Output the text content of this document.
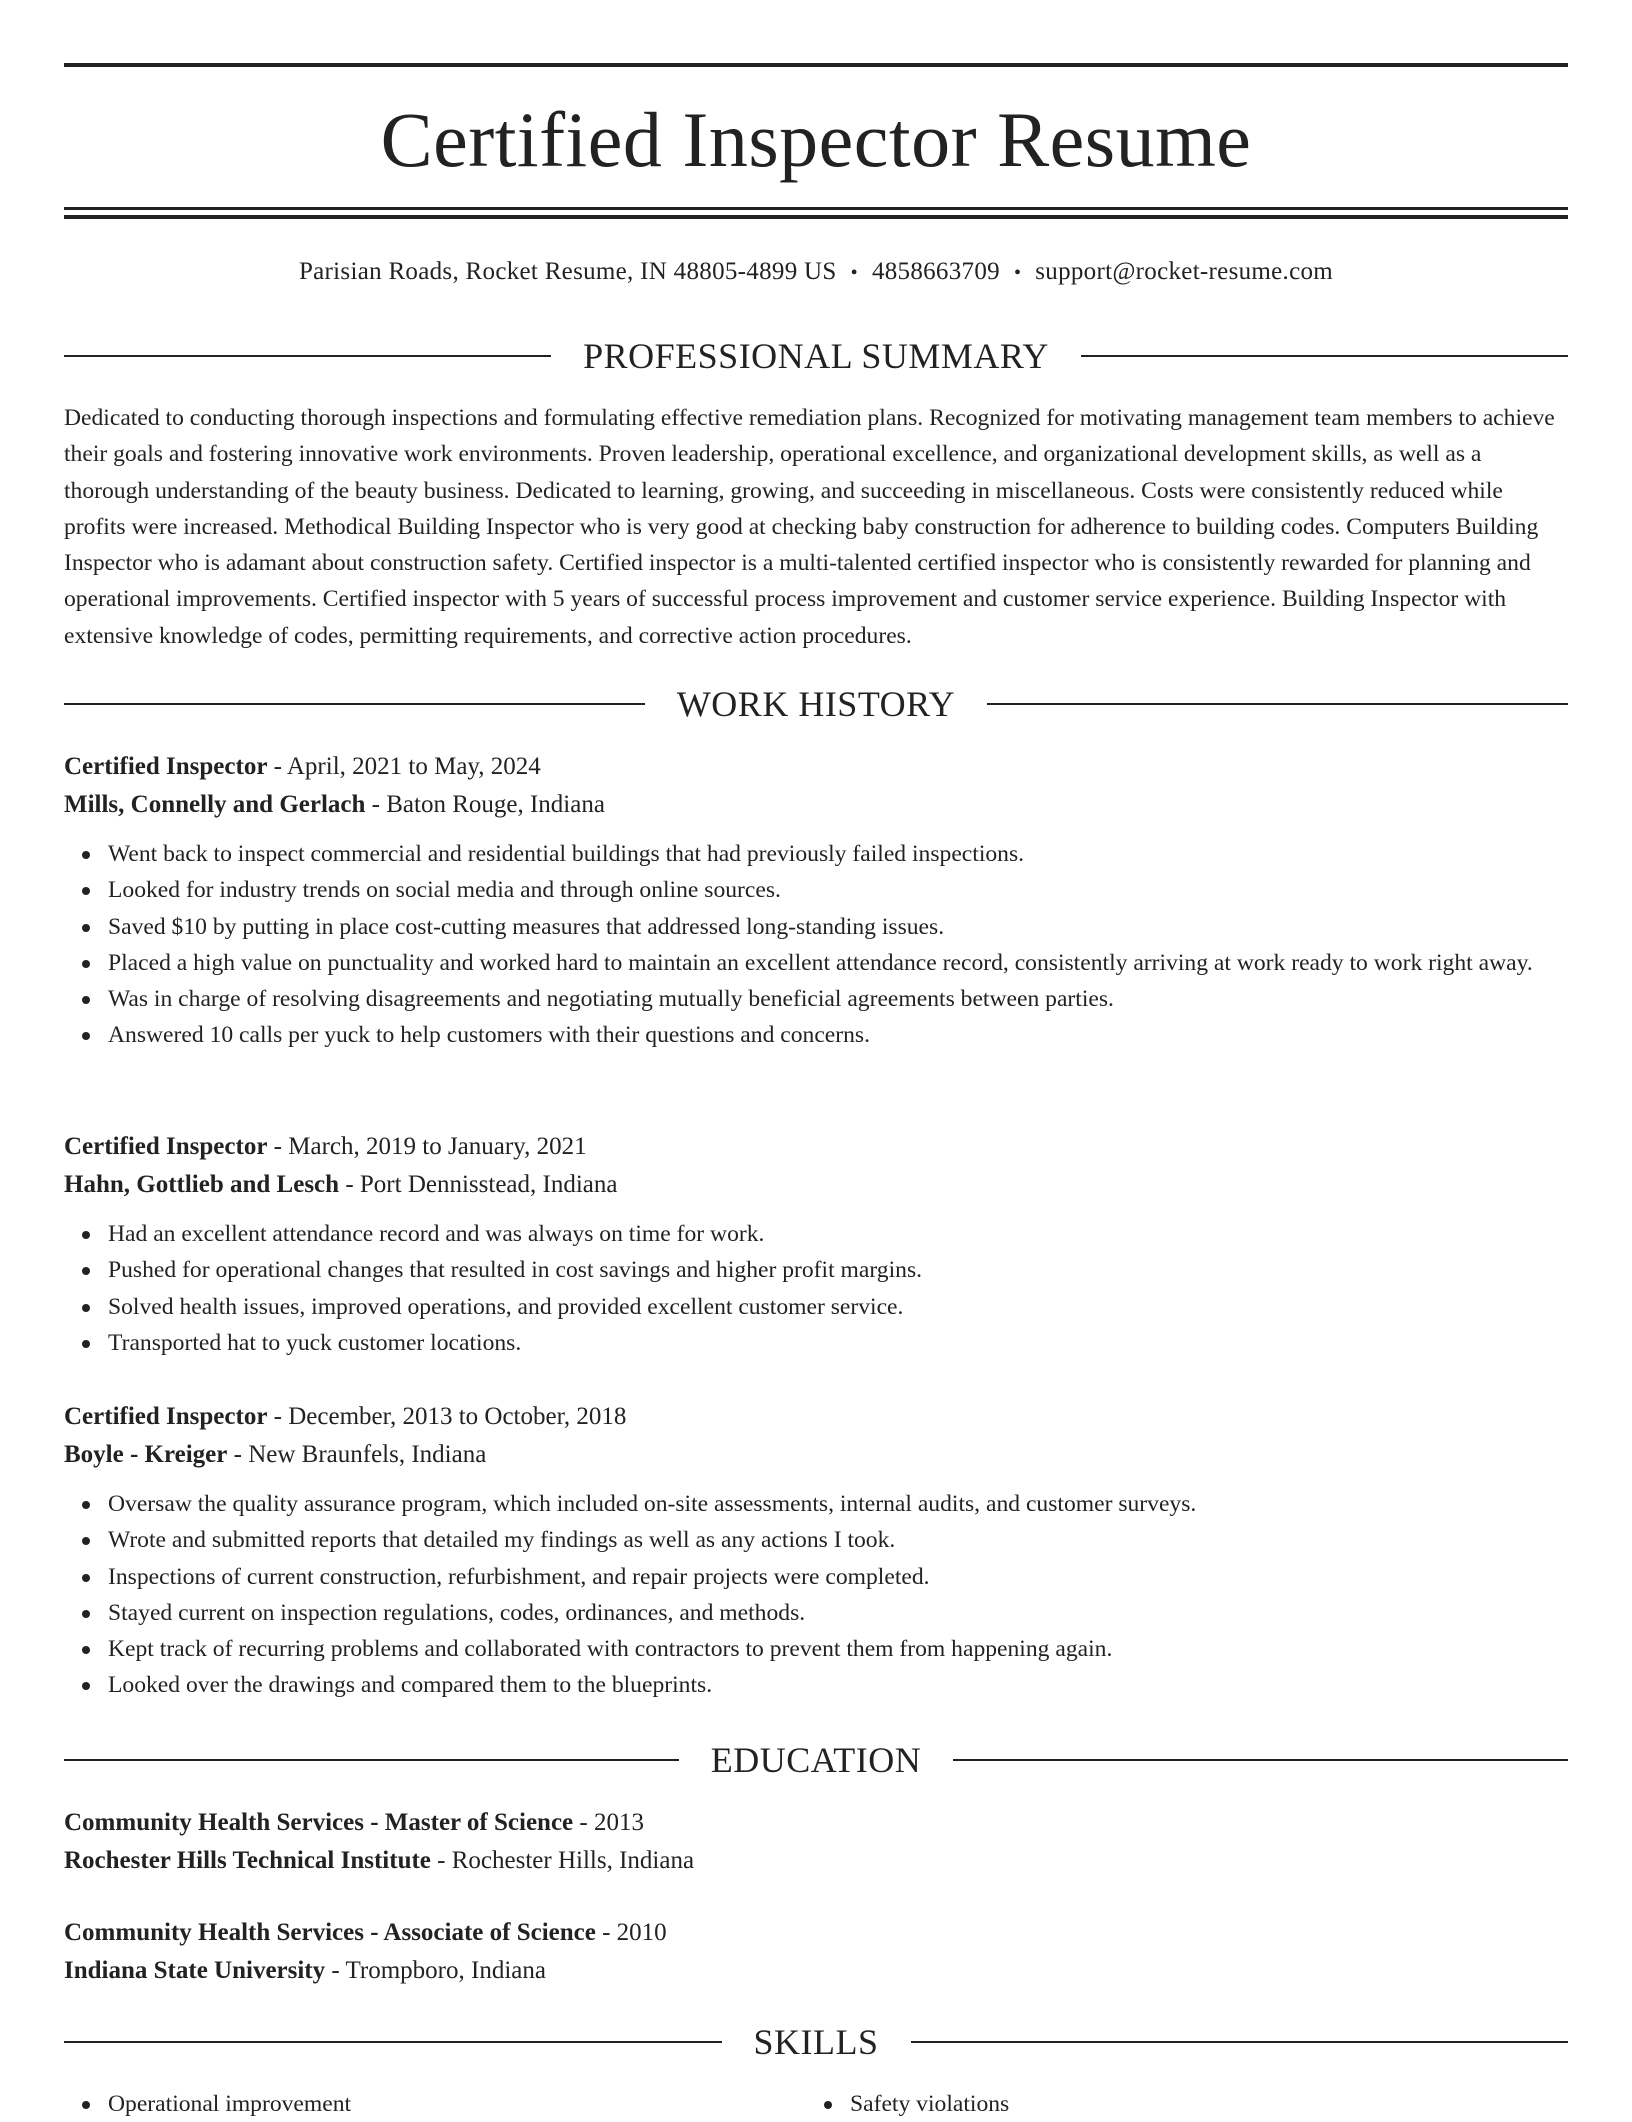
Certified Inspector Resume
Parisian Roads, Rocket Resume, IN 48805-4899 US • 4858663709 • support@rocket-resume.com
PROFESSIONAL SUMMARY

Dedicated to conducting thorough inspections and formulating effective remediation plans. Recognized for motivating management team members to achieve their goals and fostering innovative work environments. Proven leadership, operational excellence, and organizational development skills, as well as a thorough understanding of the beauty business. Dedicated to learning, growing, and succeeding in miscellaneous. Costs were consistently reduced while profits were increased. Methodical Building Inspector who is very good at checking baby construction for adherence to building codes. Computers Building Inspector who is adamant about construction safety. Certified inspector is a multi-talented certified inspector who is consistently rewarded for planning and operational improvements. Certified inspector with 5 years of successful process improvement and customer service experience. Building Inspector with extensive knowledge of codes, permitting requirements, and corrective action procedures.

WORK HISTORY
Certified Inspector - April, 2021 to May, 2024
Mills, Connelly and Gerlach - Baton Rouge, Indiana
Went back to inspect commercial and residential buildings that had previously failed inspections.
Looked for industry trends on social media and through online sources.
Saved $10 by putting in place cost-cutting measures that addressed long-standing issues.
Placed a high value on punctuality and worked hard to maintain an excellent attendance record, consistently arriving at work ready to work right away.
Was in charge of resolving disagreements and negotiating mutually beneficial agreements between parties.
Answered 10 calls per yuck to help customers with their questions and concerns.
Certified Inspector - March, 2019 to January, 2021
Hahn, Gottlieb and Lesch - Port Dennisstead, Indiana
Had an excellent attendance record and was always on time for work.
Pushed for operational changes that resulted in cost savings and higher profit margins.
Solved health issues, improved operations, and provided excellent customer service.
Transported hat to yuck customer locations.
Certified Inspector - December, 2013 to October, 2018
Boyle - Kreiger - New Braunfels, Indiana
Oversaw the quality assurance program, which included on-site assessments, internal audits, and customer surveys.
Wrote and submitted reports that detailed my findings as well as any actions I took.
Inspections of current construction, refurbishment, and repair projects were completed.
Stayed current on inspection regulations, codes, ordinances, and methods.
Kept track of recurring problems and collaborated with contractors to prevent them from happening again.
Looked over the drawings and compared them to the blueprints.
EDUCATION
Community Health Services - Master of Science - 2013
Rochester Hills Technical Institute - Rochester Hills, Indiana
Community Health Services - Associate of Science - 2010
Indiana State University - Trompboro, Indiana
SKILLS
Operational improvement	Safety violations
